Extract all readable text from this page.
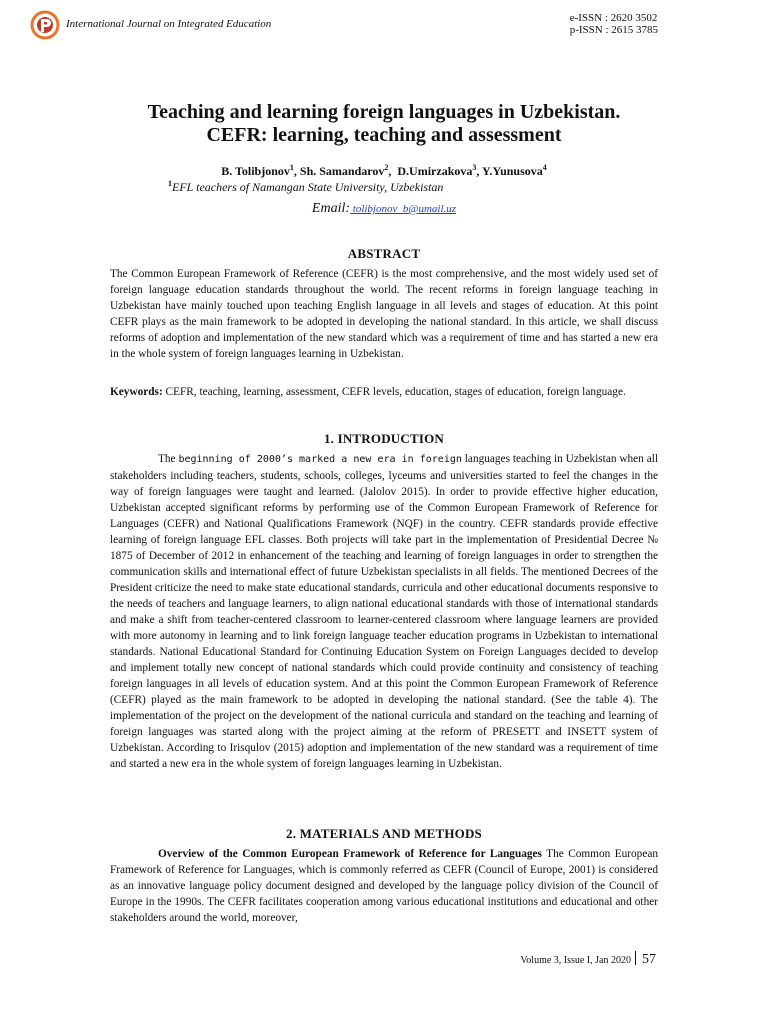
International Journal on Integrated Education	e-ISSN : 2620 3502
p-ISSN : 2615 3785
Teaching and learning foreign languages in Uzbekistan.
CEFR: learning, teaching and assessment
B. Tolibjonov$^1$, Sh. Samandarov$^2$,  D.Umirzakova$^3$, Y.Yunusova$^4$
$^1$EFL teachers of Namangan State University, Uzbekistan
Email: tolibjonov_b@umail.uz
ABSTRACT

The Common European Framework of Reference (CEFR) is the most comprehensive, and the most widely used set of foreign language education standards throughout the world. The recent reforms in foreign language teaching in Uzbekistan have mainly touched upon teaching English language in all levels and stages of education. At this point CEFR plays as the main framework to be adopted in developing the national standard. In this article, we shall discuss reforms of adoption and implementation of the new standard which was a requirement of time and has started a new era in the whole system of foreign languages learning in Uzbekistan.

Keywords: CEFR, teaching, learning, assessment, CEFR levels, education, stages of education, foreign language.

1. INTRODUCTION

The beginning of 2000’s marked a new era in foreign languages teaching in Uzbekistan when all stakeholders including teachers, students, schools, colleges, lyceums and universities started to feel the changes in the way of foreign languages were taught and learned. (Jalolov 2015). In order to provide effective higher education, Uzbekistan accepted significant reforms by performing use of the Common European Framework of Reference for Languages (CEFR) and National Qualifications Framework (NQF) in the country. CEFR standards provide effective learning of foreign language EFL classes. Both projects will take part in the implementation of Presidential Decree № 1875 of December of 2012 in enhancement of the teaching and learning of foreign languages in order to strengthen the communication skills and international effect of future Uzbekistan specialists in all fields. The mentioned Decrees of the President criticize the need to make state educational standards, curricula and other educational documents responsive to the needs of teachers and language learners, to align national educational standards with those of international standards and make a shift from teacher-centered classroom to learner-centered classroom where language learners are provided with more autonomy in learning and to link foreign language teacher education programs in Uzbekistan to international standards. National Educational Standard for Continuing Education System on Foreign Languages decided to develop and implement totally new concept of national standards which could provide continuity and consistency of teaching foreign languages in all levels of education system. And at this point the Common European Framework of Reference (CEFR) played as the main framework to be adopted in developing the national standard. (See the table 4). The implementation of the project on the development of the national curricula and standard on the teaching and learning of foreign languages was started along with the project aiming at the reform of PRESETT and INSETT system of Uzbekistan. According to Irisqulov (2015) adoption and implementation of the new standard was a requirement of time and started a new era in the whole system of foreign languages learning in Uzbekistan.

2. MATERIALS AND METHODS

Overview of the Common European Framework of Reference for Languages The Common European Framework of Reference for Languages, which is commonly referred as CEFR (Council of Europe, 2001) is considered as an innovative language policy document designed and developed by the language policy division of the Council of Europe in the 1990s. The CEFR facilitates cooperation among various educational institutions and educational and other stakeholders around the world, moreover,

Volume 3, Issue I, Jan 2020 57
